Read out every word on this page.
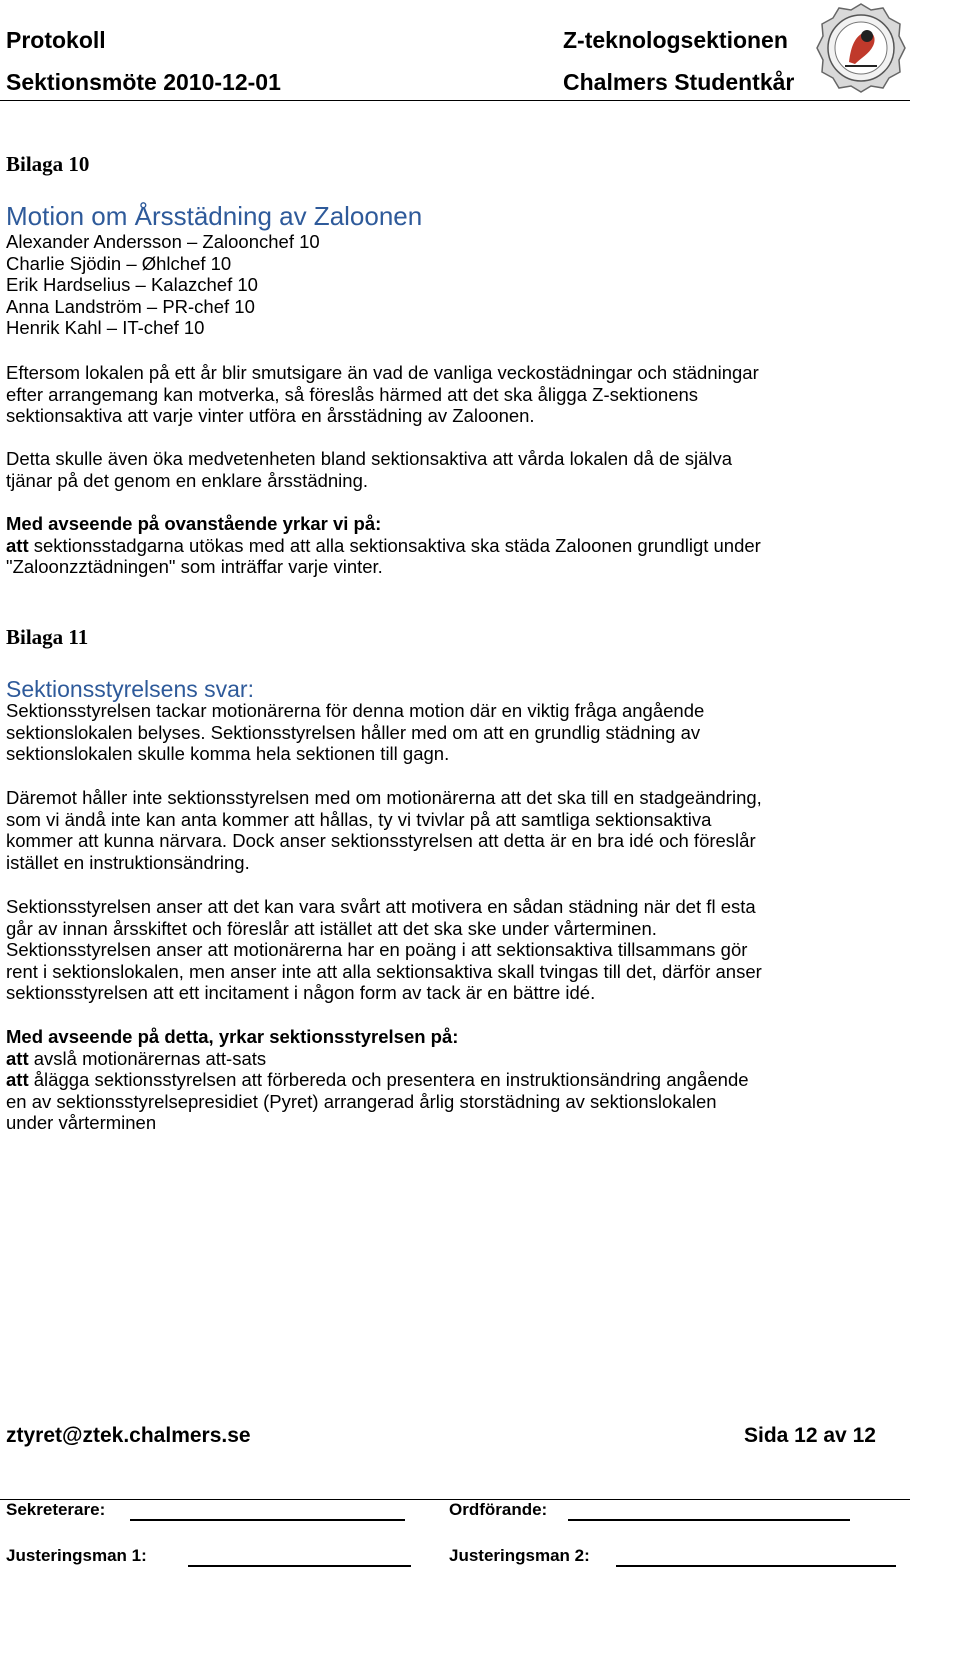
Protokoll
Sektionsmöte 2010-12-01
Z-teknologsektionen
Chalmers Studentkår
Bilaga 10
Motion om Årsstädning av Zaloonen

Alexander Andersson – Zaloonchef 10

Charlie Sjödin – Øhlchef 10

Erik Hardselius – Kalazchef 10

Anna Landström – PR-chef 10

Henrik Kahl – IT-chef 10

Eftersom lokalen på ett år blir smutsigare än vad de vanliga veckostädningar och städningar

efter arrangemang kan motverka, så föreslås härmed att det ska åligga Z-sektionens

sektionsaktiva att varje vinter utföra en årsstädning av Zaloonen.

Detta skulle även öka medvetenheten bland sektionsaktiva att vårda lokalen då de själva

tjänar på det genom en enklare årsstädning.

Med avseende på ovanstående yrkar vi på:

att sektionsstadgarna utökas med att alla sektionsaktiva ska städa Zaloonen grundligt under

"Zaloonzztädningen" som inträffar varje vinter.

Bilaga 11
Sektionsstyrelsens svar:

Sektionsstyrelsen tackar motionärerna för denna motion där en viktig fråga angående

sektionslokalen belyses. Sektionsstyrelsen håller med om att en grundlig städning av

sektionslokalen skulle komma hela sektionen till gagn.

Däremot håller inte sektionsstyrelsen med om motionärerna att det ska till en stadgeändring,

som vi ändå inte kan anta kommer att hållas, ty vi tvivlar på att samtliga sektionsaktiva

kommer att kunna närvara. Dock anser sektionsstyrelsen att detta är en bra idé och föreslår

istället en instruktionsändring.

Sektionsstyrelsen anser att det kan vara svårt att motivera en sådan städning när det fl esta

går av innan årsskiftet och föreslår att istället att det ska ske under vårterminen.

Sektionsstyrelsen anser att motionärerna har en poäng i att sektionsaktiva tillsammans gör

rent i sektionslokalen, men anser inte att alla sektionsaktiva skall tvingas till det, därför anser

sektionsstyrelsen att ett incitament i någon form av tack är en bättre idé.

Med avseende på detta, yrkar sektionsstyrelsen på:

att avslå motionärernas att-sats

att ålägga sektionsstyrelsen att förbereda och presentera en instruktionsändring angående

en av sektionsstyrelsepresidiet (Pyret) arrangerad årlig storstädning av sektionslokalen

under vårterminen

ztyret@ztek.chalmers.se	Sida 12 av 12
Sekreterare:	Ordförande:
Justeringsman 1:	Justeringsman 2:
